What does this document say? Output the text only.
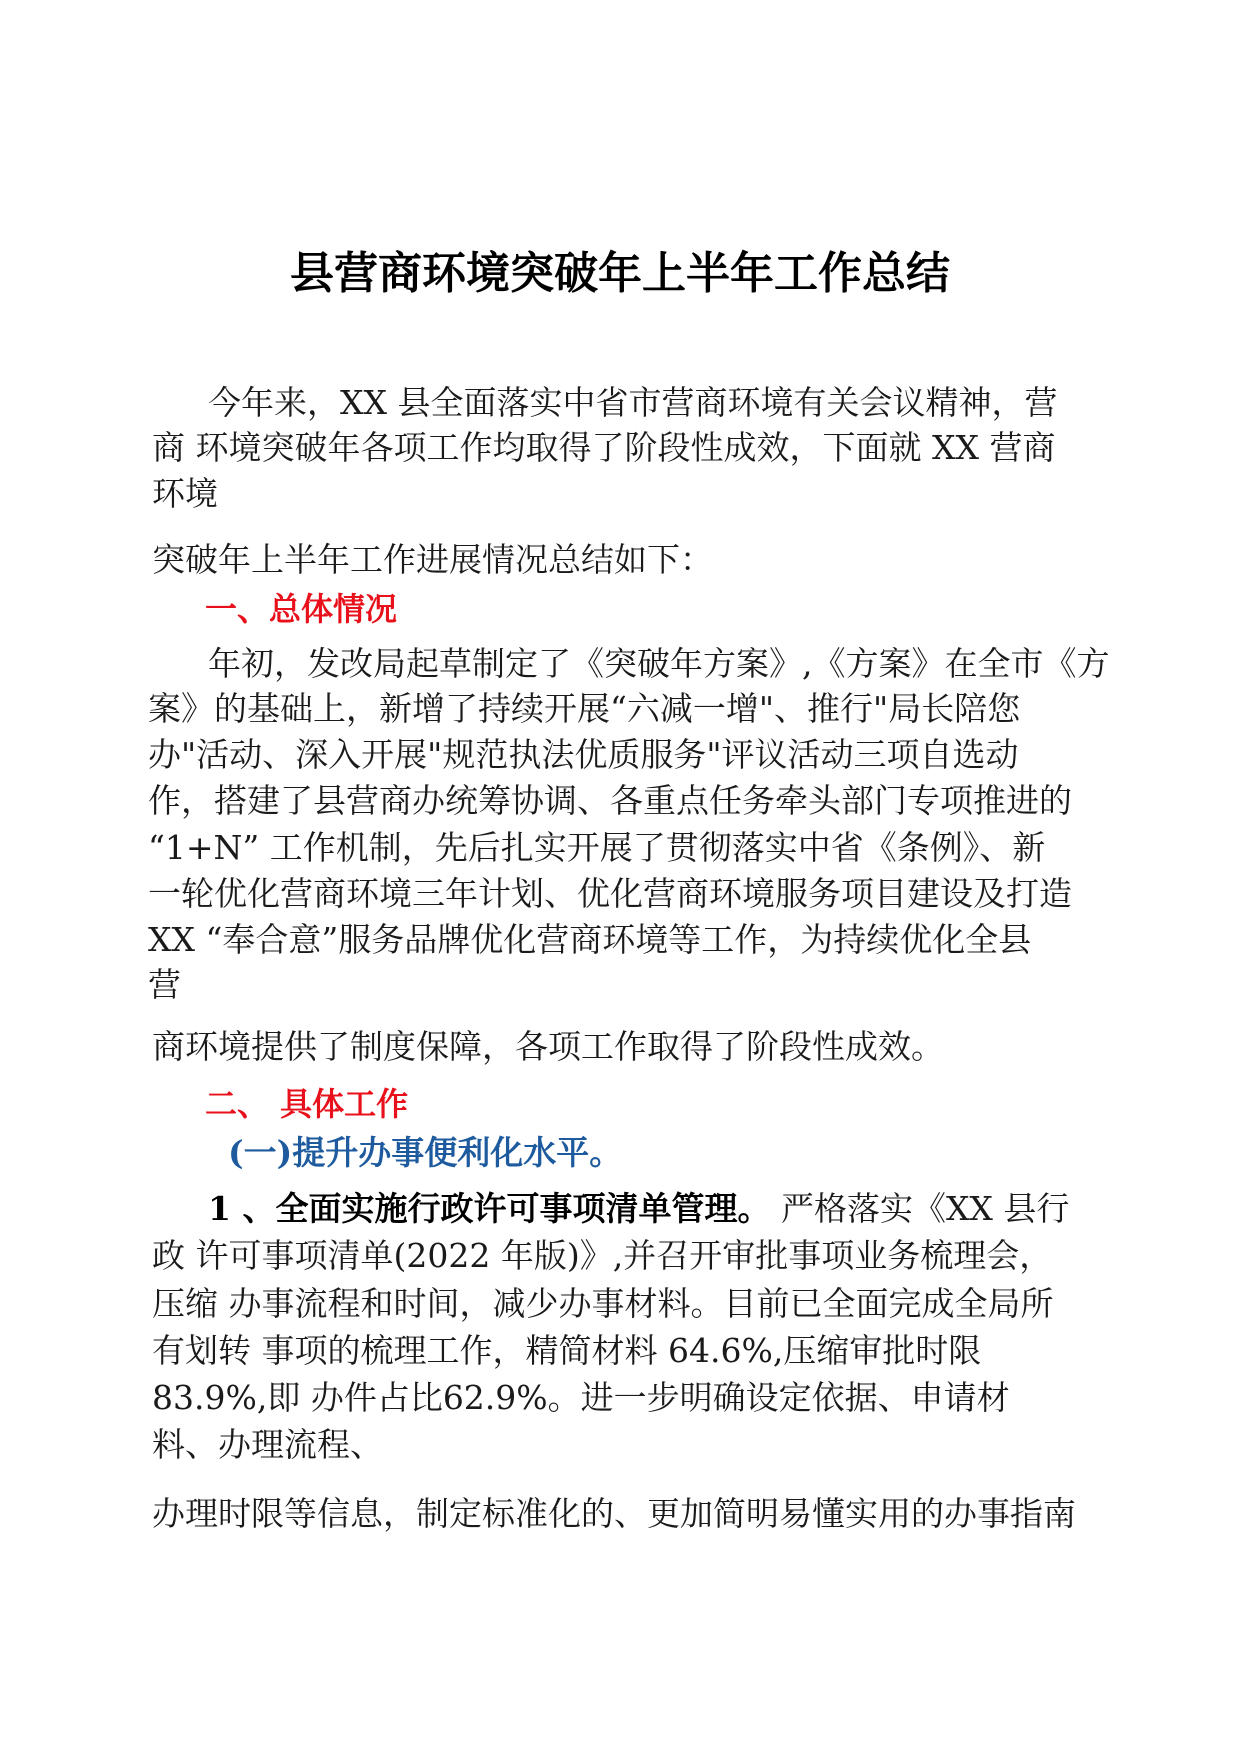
县营商环境突破年上半年工作总结
今年来，XX 县全面落实中省市营商环境有关会议精神，营
商 环境突破年各项工作均取得了阶段性成效，下面就 XX 营商
环境
突破年上半年工作进展情况总结如下：
一、总体情况
年初，发改局起草制定了《突破年方案》,《方案》在全市《方
案》的基础上，新增了持续开展“六减一增"、推行"局长陪您
办"活动、深入开展"规范执法优质服务"评议活动三项自选动
作，搭建了县营商办统筹协调、各重点任务牵头部门专项推进的
“1+N” 工作机制，先后扎实开展了贯彻落实中省《条例》、新
一轮优化营商环境三年计划、优化营商环境服务项目建设及打造
XX “奉合意”服务品牌优化营商环境等工作，为持续优化全县
营
商环境提供了制度保障，各项工作取得了阶段性成效。
二、 具体工作
(一)提升办事便利化水平。
1 、全面实施行政许可事项清单管理。 严格落实《XX 县行
政 许可事项清单(2022 年版)》,并召开审批事项业务梳理会，
压缩 办事流程和时间，减少办事材料。目前已全面完成全局所
有划转 事项的梳理工作，精简材料 64.6%,压缩审批时限
83.9%,即 办件占比62.9%。进一步明确设定依据、申请材
料、办理流程、
办理时限等信息，制定标准化的、更加简明易懂实用的办事指南
